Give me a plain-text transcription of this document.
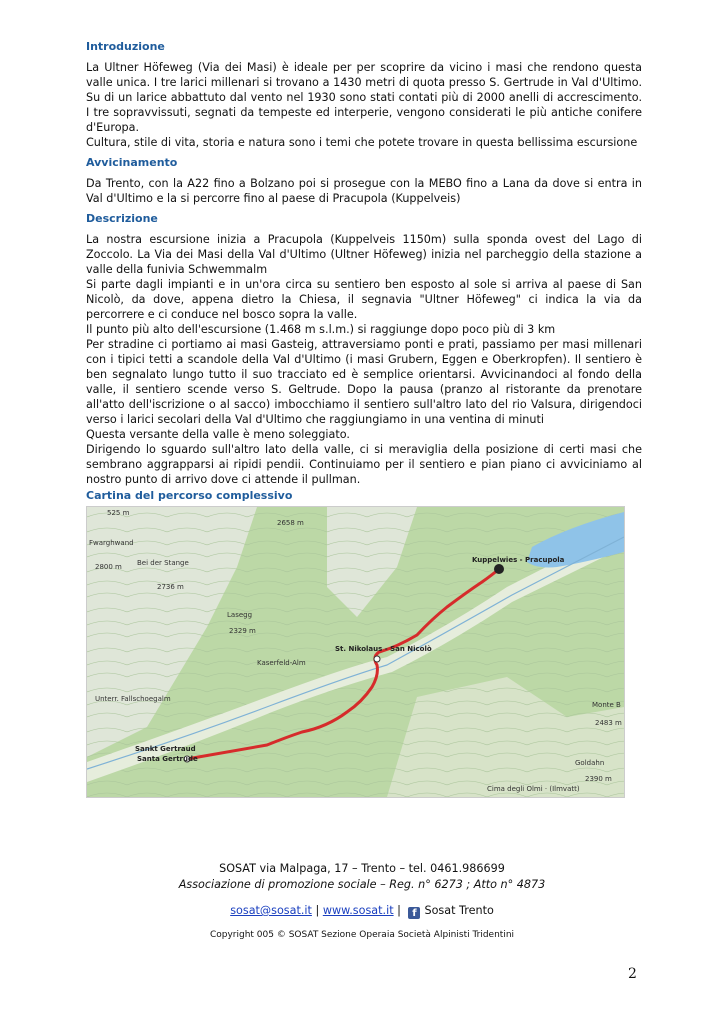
Introduzione

La Ultner Höfeweg (Via dei Masi) è ideale per per scoprire da vicino i masi che rendono questa valle unica. I tre larici millenari si trovano a 1430 metri di quota presso S. Gertrude in Val d'Ultimo. Su di un larice abbattuto dal vento nel 1930 sono stati contati più di 2000 anelli di accrescimento. I tre sopravvissuti, segnati da tempeste ed interperie, vengono considerati le più antiche conifere d'Europa.

Cultura, stile di vita, storia e natura sono i temi che potete trovare in questa bellissima escursione

Avvicinamento

Da Trento, con la A22 fino a Bolzano poi si prosegue con la MEBO fino a Lana da dove si entra in Val d'Ultimo e la si percorre fino al paese di Pracupola (Kuppelveis)

Descrizione

La nostra escursione inizia a Pracupola (Kuppelveis 1150m) sulla sponda ovest del Lago di Zoccolo. La Via dei Masi della Val d'Ultimo (Ultner Höfeweg) inizia nel parcheggio della stazione a valle della funivia Schwemmalm

Si parte dagli impianti e in un'ora circa su sentiero ben esposto al sole si arriva al paese di San Nicolò, da dove, appena dietro la Chiesa, il segnavia "Ultner Höfeweg" ci indica la via da percorrere e ci conduce nel bosco sopra la valle.

Il punto più alto dell'escursione (1.468 m s.l.m.) si raggiunge dopo poco più di 3 km

Per stradine ci portiamo ai masi Gasteig, attraversiamo ponti e prati, passiamo per masi millenari con i tipici tetti a scandole della Val d'Ultimo (i masi Grubern, Eggen e Oberkropfen). Il sentiero è ben segnalato lungo tutto il suo tracciato ed è semplice orientarsi. Avvicinandoci al fondo della valle, il sentiero scende verso S. Geltrude. Dopo la pausa (pranzo al ristorante da prenotare all'atto dell'iscrizione o al sacco) imbocchiamo il sentiero sull'altro lato del rio Valsura, dirigendoci verso i larici secolari della Val d'Ultimo che raggiungiamo in una ventina di minuti

Questa versante della valle è meno soleggiato.

Dirigendo lo sguardo sull'altro lato della valle, ci si meraviglia della posizione di certi masi che sembrano aggrapparsi ai ripidi pendii. Continuiamo per il sentiero e pian piano ci avviciniamo al nostro punto di arrivo dove ci attende il pullman.

Cartina del percorso complessivo
525 m
2658 m
Fwarghwand
2800 m Bei der Stange
2736 m
Kuppelwies - Pracupola
Lasegg
2329 m
St. Nikolaus - San Nicolò
Kaserfeld-Alm
Unterr. Fallschoegalm
Sankt Gertraud
Santa Gertrude
Monte B
2483 m
Goldahn
2390 m
Cima degli Olmi · (Ilmvatt)
SOSAT via Malpaga, 17 – Trento – tel. 0461.986699
Associazione di promozione sociale – Reg. n° 6273 ; Atto n° 4873
sosat@sosat.it | www.sosat.it | f Sosat Trento
Copyright 005 © SOSAT Sezione Operaia Società Alpinisti Tridentini
2
